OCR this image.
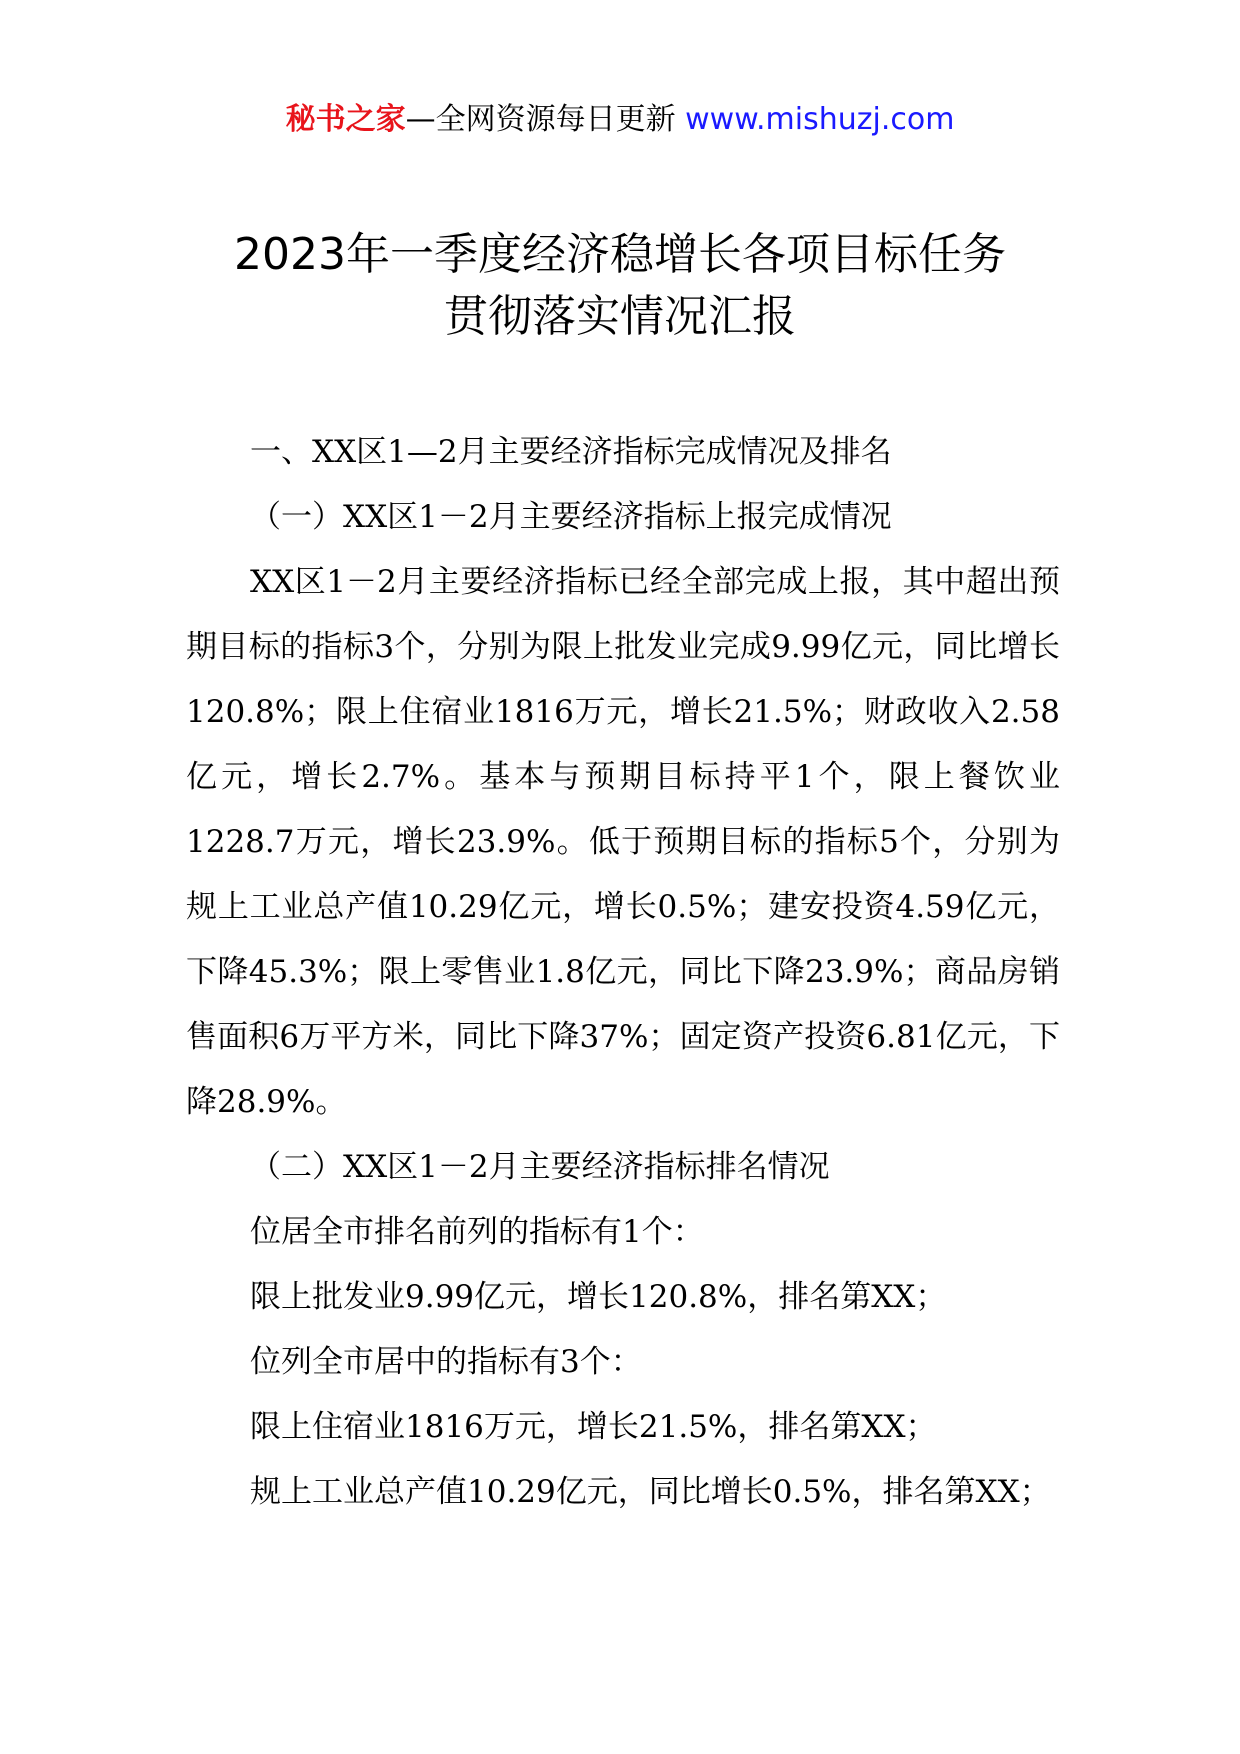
秘书之家—全网资源每日更新 www.mishuzj.com
2023年一季度经济稳增长各项目标任务
贯彻落实情况汇报

一、XX区1—2月主要经济指标完成情况及排名

（一）XX区1－2月主要经济指标上报完成情况

XX区1－2月主要经济指标已经全部完成上报，其中超出预期目标的指标3个，分别为限上批发业完成9.99亿元，同比增长120.8%；限上住宿业1816万元，增长21.5%；财政收入2.58亿元，增长2.7%。基本与预期目标持平1个，限上餐饮业1228.7万元，增长23.9%。低于预期目标的指标5个，分别为规上工业总产值10.29亿元，增长0.5%；建安投资4.59亿元，下降45.3%；限上零售业1.8亿元，同比下降23.9%；商品房销售面积6万平方米，同比下降37%；固定资产投资6.81亿元，下降28.9%。

（二）XX区1－2月主要经济指标排名情况

位居全市排名前列的指标有1个：

限上批发业9.99亿元，增长120.8%，排名第XX；

位列全市居中的指标有3个：

限上住宿业1816万元，增长21.5%，排名第XX；

规上工业总产值10.29亿元，同比增长0.5%，排名第XX；
